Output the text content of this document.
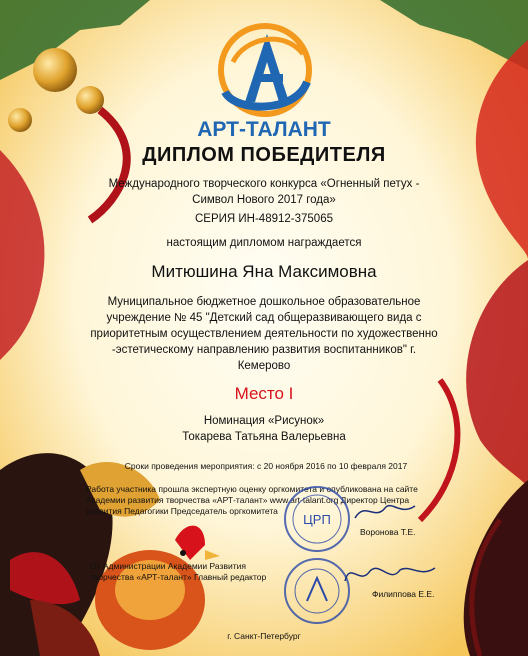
АРТ-ТАЛАНТ
ДИПЛОМ ПОБЕДИТЕЛЯ
Международного творческого конкурса «Огненный петух - Символ Нового 2017 года»
СЕРИЯ ИН-48912-375065
настоящим дипломом награждается
Митюшина Яна Максимовна
Муниципальное бюджетное дошкольное образовательное учреждение № 45 "Детский сад общеразвивающего вида с приоритетным осуществлением деятельности по художественно -эстетическому направлению развития воспитанников" г. Кемерово
Место I
Номинация «Рисунок»
Токарева Татьяна Валерьевна
Сроки проведения мероприятия: с 20 ноября 2016 по 10 февраля 2017
Работа участника прошла экспертную оценку оргкомитета и опубликована на сайте Академии развития творчества «АРТ-талант» www.art-talant.org Директор Центра развития Педагогики Председатель оргкомитета
ЦРП
Воронова Т.Е.
От Администрации Академии Развития творчества «АРТ-талант» Главный редактор
Филиппова Е.Е.
г. Санкт-Петербург
